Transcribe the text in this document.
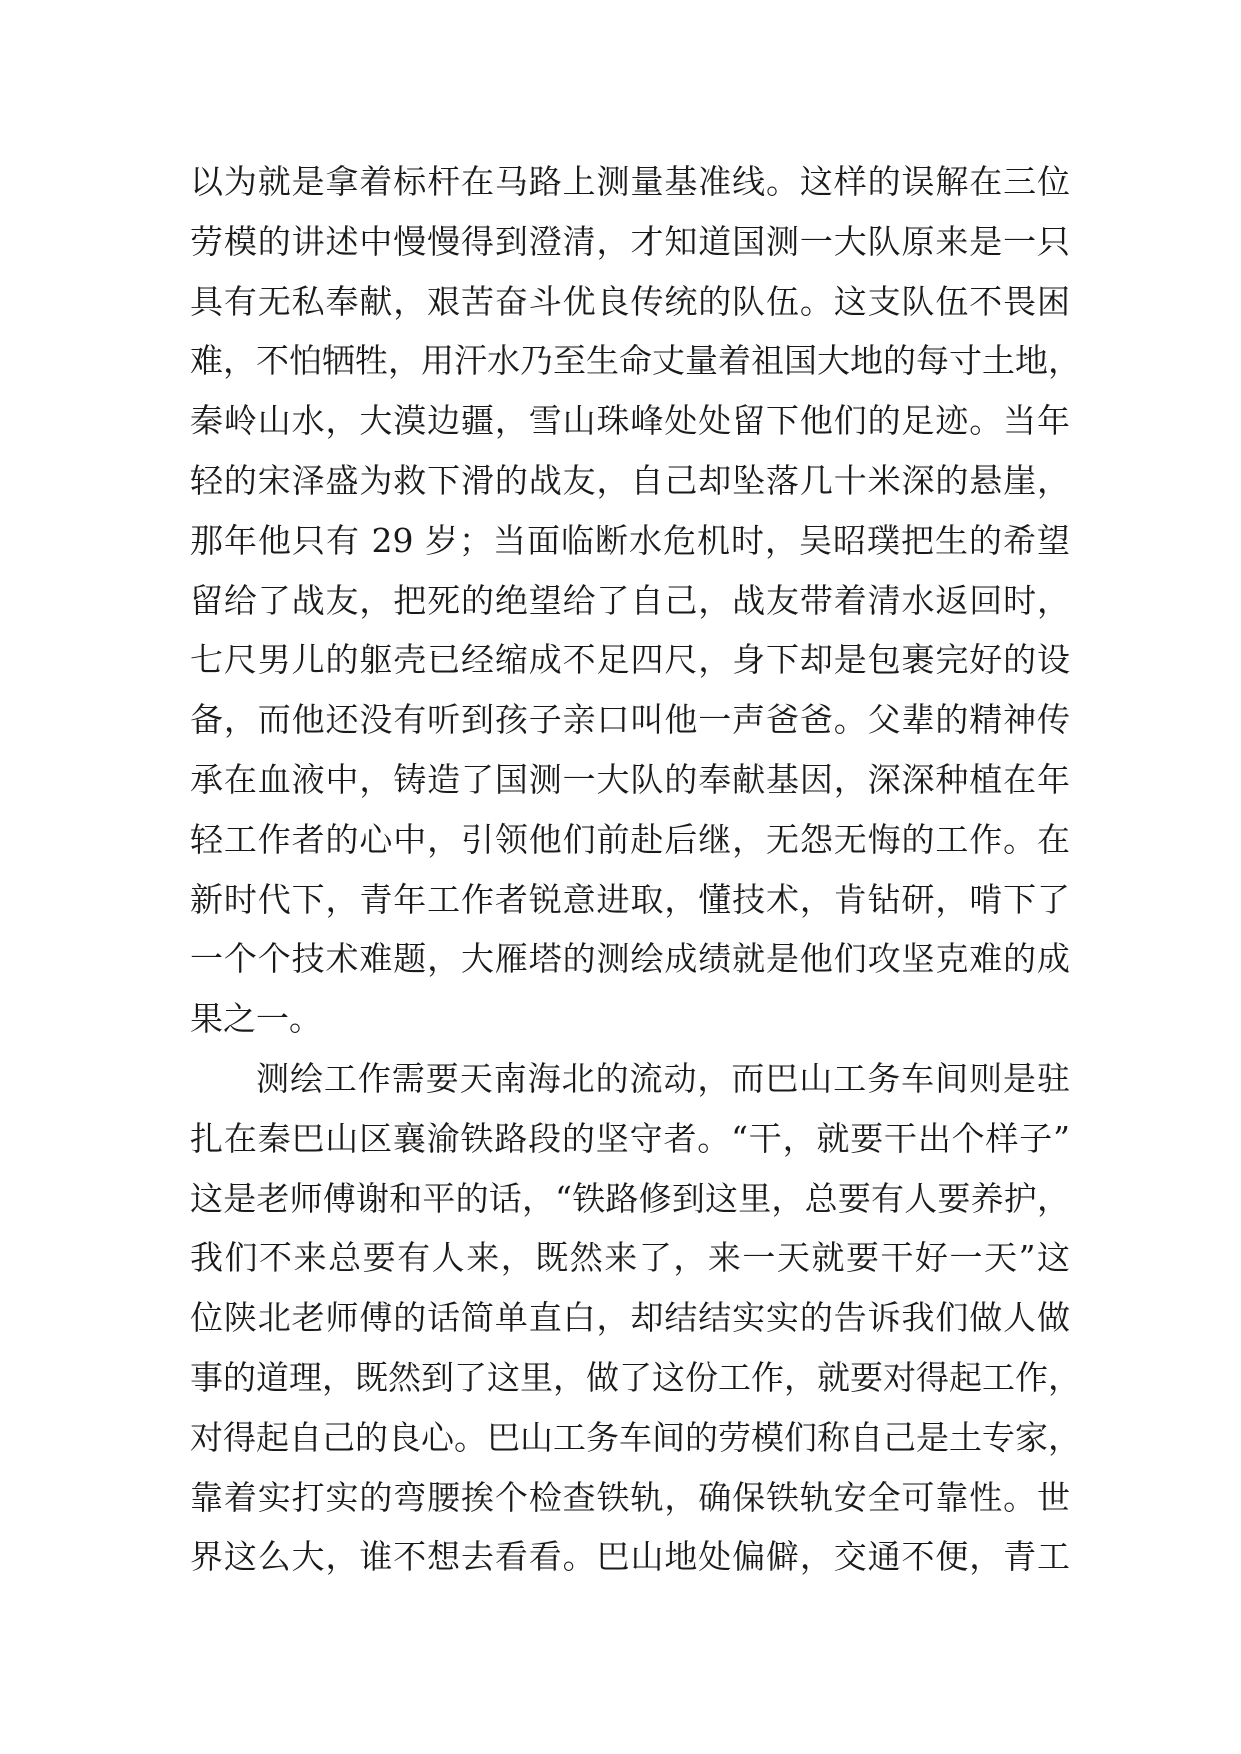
以为就是拿着标杆在马路上测量基准线。这样的误解在三位
劳模的讲述中慢慢得到澄清，才知道国测一大队原来是一只
具有无私奉献，艰苦奋斗优良传统的队伍。这支队伍不畏困
难，不怕牺牲，用汗水乃至生命丈量着祖国大地的每寸土地，
秦岭山水，大漠边疆，雪山珠峰处处留下他们的足迹。当年
轻的宋泽盛为救下滑的战友，自己却坠落几十米深的悬崖，
那年他只有 29 岁；当面临断水危机时，吴昭璞把生的希望
留给了战友，把死的绝望给了自己，战友带着清水返回时，
七尺男儿的躯壳已经缩成不足四尺，身下却是包裹完好的设
备，而他还没有听到孩子亲口叫他一声爸爸。父辈的精神传
承在血液中，铸造了国测一大队的奉献基因，深深种植在年
轻工作者的心中，引领他们前赴后继，无怨无悔的工作。在
新时代下，青年工作者锐意进取，懂技术，肯钻研，啃下了
一个个技术难题，大雁塔的测绘成绩就是他们攻坚克难的成
果之一。
测绘工作需要天南海北的流动，而巴山工务车间则是驻
扎在秦巴山区襄渝铁路段的坚守者。“干，就要干出个样子”
这是老师傅谢和平的话，“铁路修到这里，总要有人要养护，
我们不来总要有人来，既然来了，来一天就要干好一天”这
位陕北老师傅的话简单直白，却结结实实的告诉我们做人做
事的道理，既然到了这里，做了这份工作，就要对得起工作，
对得起自己的良心。巴山工务车间的劳模们称自己是土专家，
靠着实打实的弯腰挨个检查铁轨，确保铁轨安全可靠性。世
界这么大，谁不想去看看。巴山地处偏僻，交通不便，青工
